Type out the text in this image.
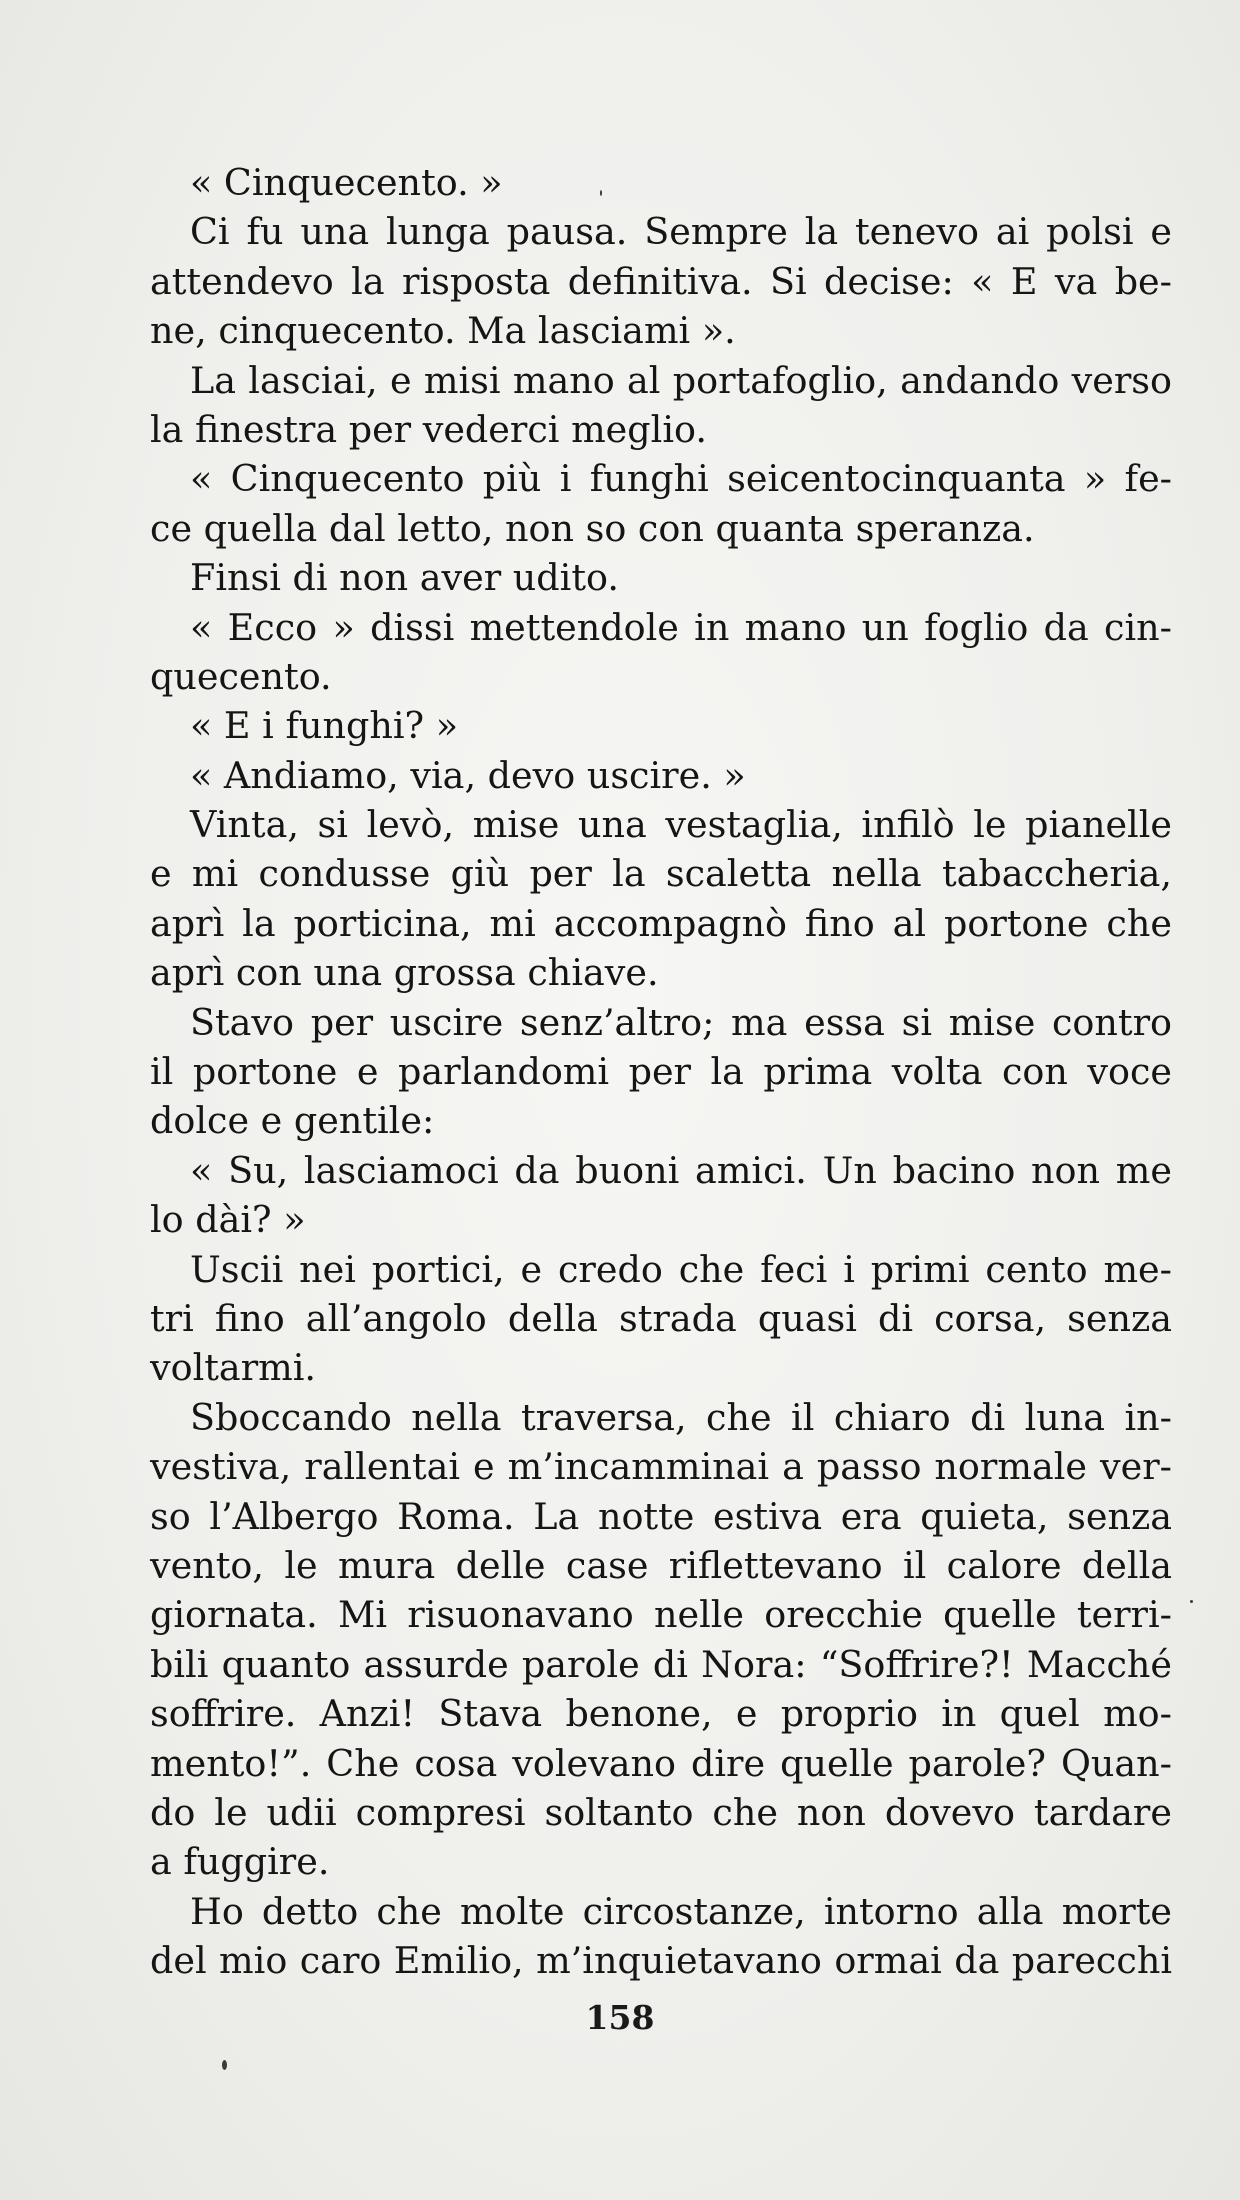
« Cinquecento. »
Ci fu una lunga pausa. Sempre la tenevo ai polsi e
attendevo la risposta definitiva. Si decise: « E va be-
ne, cinquecento. Ma lasciami ».
La lasciai, e misi mano al portafoglio, andando verso
la finestra per vederci meglio.
« Cinquecento più i funghi seicentocinquanta » fe-
ce quella dal letto, non so con quanta speranza.
Finsi di non aver udito.
« Ecco » dissi mettendole in mano un foglio da cin-
quecento.
« E i funghi? »
« Andiamo, via, devo uscire. »
Vinta, si levò, mise una vestaglia, infilò le pianelle
e mi condusse giù per la scaletta nella tabaccheria,
aprì la porticina, mi accompagnò fino al portone che
aprì con una grossa chiave.
Stavo per uscire senz’altro; ma essa si mise contro
il portone e parlandomi per la prima volta con voce
dolce e gentile:
« Su, lasciamoci da buoni amici. Un bacino non me
lo dài? »
Uscii nei portici, e credo che feci i primi cento me-
tri fino all’angolo della strada quasi di corsa, senza
voltarmi.
Sboccando nella traversa, che il chiaro di luna in-
vestiva, rallentai e m’incamminai a passo normale ver-
so l’Albergo Roma. La notte estiva era quieta, senza
vento, le mura delle case riflettevano il calore della
giornata. Mi risuonavano nelle orecchie quelle terri-
bili quanto assurde parole di Nora: “Soffrire?! Macché
soffrire. Anzi! Stava benone, e proprio in quel mo-
mento!”. Che cosa volevano dire quelle parole? Quan-
do le udii compresi soltanto che non dovevo tardare
a fuggire.
Ho detto che molte circostanze, intorno alla morte
del mio caro Emilio, m’inquietavano ormai da parecchi
158
